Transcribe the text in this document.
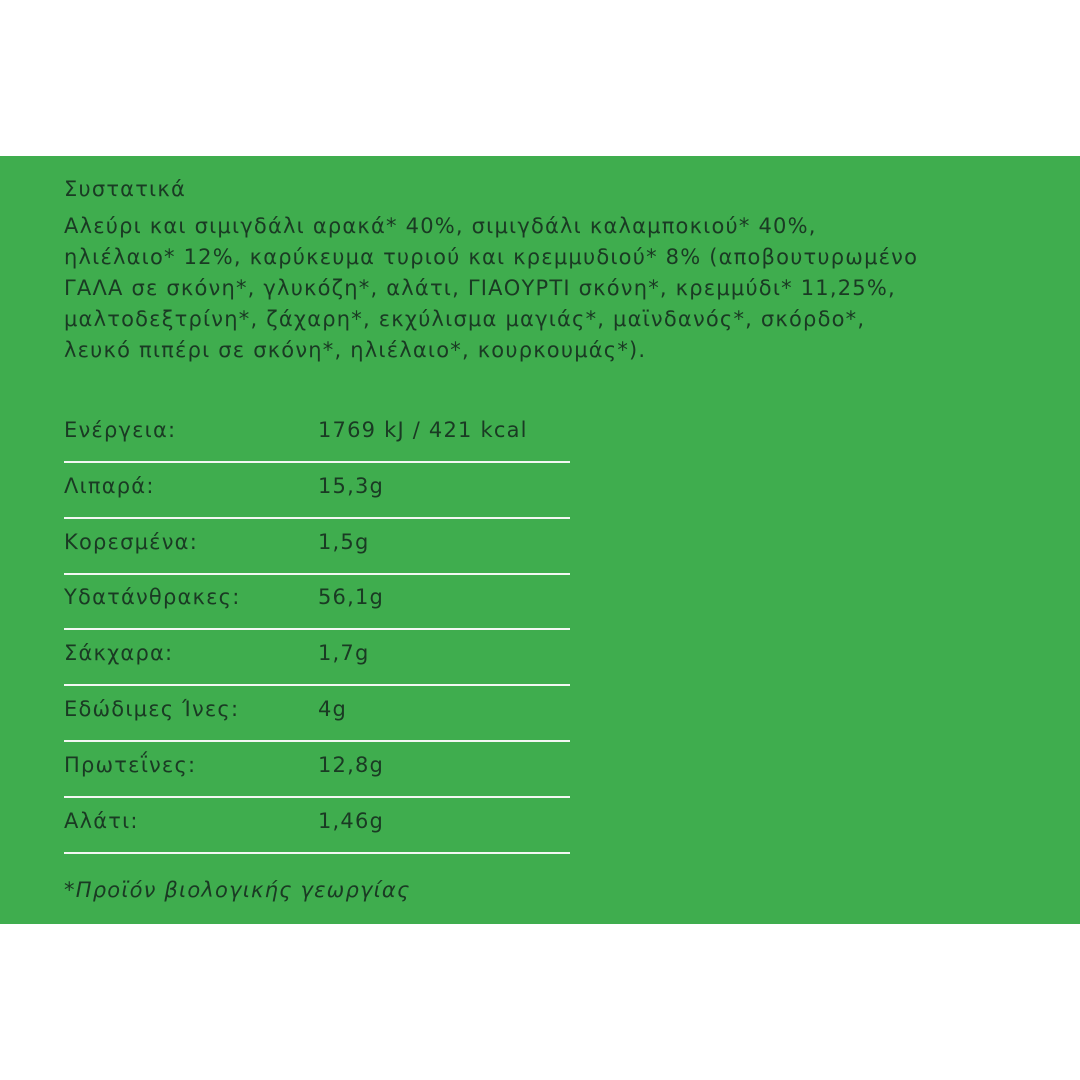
Συστατικά

Αλεύρι και σιμιγδάλι αρακά* 40%, σιμιγδάλι καλαμποκιού* 40%,
ηλιέλαιο* 12%, καρύκευμα τυριού και κρεμμυδιού* 8% (αποβουτυρωμένο
ΓΑΛΑ σε σκόνη*, γλυκόζη*, αλάτι, ΓΙΑΟΥΡΤΙ σκόνη*, κρεμμύδι* 11,25%,
μαλτοδεξτρίνη*, ζάχαρη*, εκχύλισμα μαγιάς*, μαϊνδανός*, σκόρδο*,
λευκό πιπέρι σε σκόνη*, ηλιέλαιο*, κουρκουμάς*).

Ενέργεια:	1769 kJ / 421 kcal
Λιπαρά:	15,3g
Κορεσμένα:	1,5g
Υδατάνθρακες:	56,1g
Σάκχαρα:	1,7g
Εδώδιμες Ίνες:	4g
Πρωτεΐνες:	12,8g
Αλάτι:	1,46g

*Προϊόν βιολογικής γεωργίας
